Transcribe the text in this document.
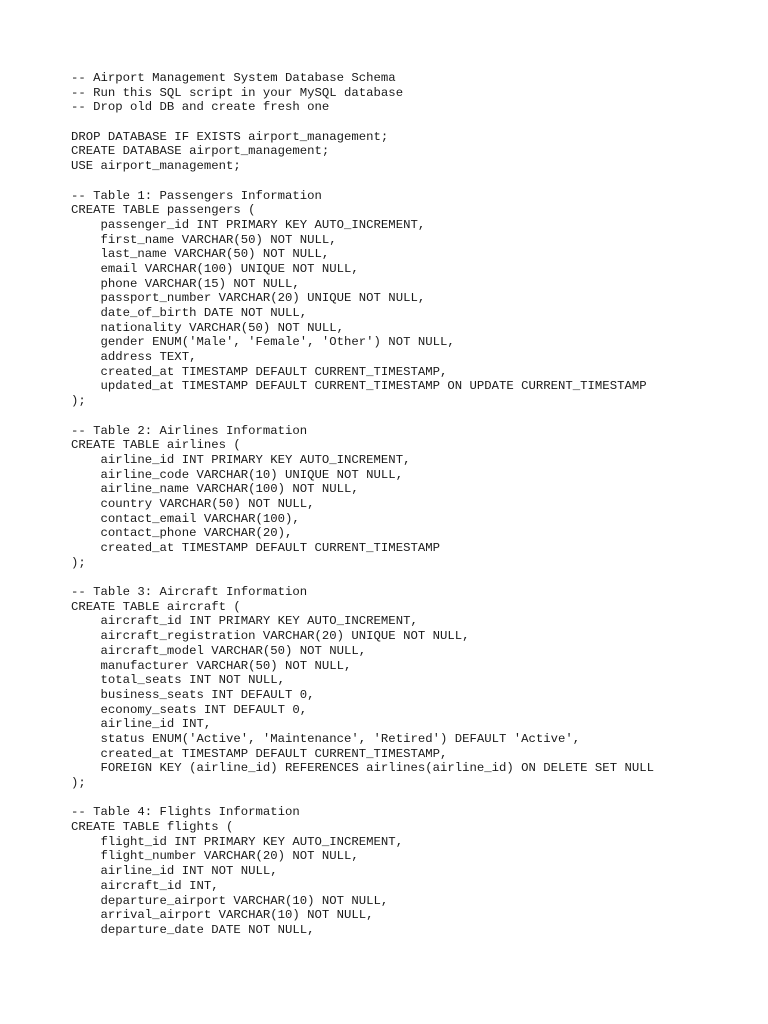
-- Airport Management System Database Schema
-- Run this SQL script in your MySQL database
-- Drop old DB and create fresh one
DROP DATABASE IF EXISTS airport_management;
CREATE DATABASE airport_management;
USE airport_management;
-- Table 1: Passengers Information
CREATE TABLE passengers (
passenger_id INT PRIMARY KEY AUTO_INCREMENT,
first_name VARCHAR(50) NOT NULL,
last_name VARCHAR(50) NOT NULL,
email VARCHAR(100) UNIQUE NOT NULL,
phone VARCHAR(15) NOT NULL,
passport_number VARCHAR(20) UNIQUE NOT NULL,
date_of_birth DATE NOT NULL,
nationality VARCHAR(50) NOT NULL,
gender ENUM('Male', 'Female', 'Other') NOT NULL,
address TEXT,
created_at TIMESTAMP DEFAULT CURRENT_TIMESTAMP,
updated_at TIMESTAMP DEFAULT CURRENT_TIMESTAMP ON UPDATE CURRENT_TIMESTAMP
);
-- Table 2: Airlines Information
CREATE TABLE airlines (
airline_id INT PRIMARY KEY AUTO_INCREMENT,
airline_code VARCHAR(10) UNIQUE NOT NULL,
airline_name VARCHAR(100) NOT NULL,
country VARCHAR(50) NOT NULL,
contact_email VARCHAR(100),
contact_phone VARCHAR(20),
created_at TIMESTAMP DEFAULT CURRENT_TIMESTAMP
);
-- Table 3: Aircraft Information
CREATE TABLE aircraft (
aircraft_id INT PRIMARY KEY AUTO_INCREMENT,
aircraft_registration VARCHAR(20) UNIQUE NOT NULL,
aircraft_model VARCHAR(50) NOT NULL,
manufacturer VARCHAR(50) NOT NULL,
total_seats INT NOT NULL,
business_seats INT DEFAULT 0,
economy_seats INT DEFAULT 0,
airline_id INT,
status ENUM('Active', 'Maintenance', 'Retired') DEFAULT 'Active',
created_at TIMESTAMP DEFAULT CURRENT_TIMESTAMP,
FOREIGN KEY (airline_id) REFERENCES airlines(airline_id) ON DELETE SET NULL
);
-- Table 4: Flights Information
CREATE TABLE flights (
flight_id INT PRIMARY KEY AUTO_INCREMENT,
flight_number VARCHAR(20) NOT NULL,
airline_id INT NOT NULL,
aircraft_id INT,
departure_airport VARCHAR(10) NOT NULL,
arrival_airport VARCHAR(10) NOT NULL,
departure_date DATE NOT NULL,
